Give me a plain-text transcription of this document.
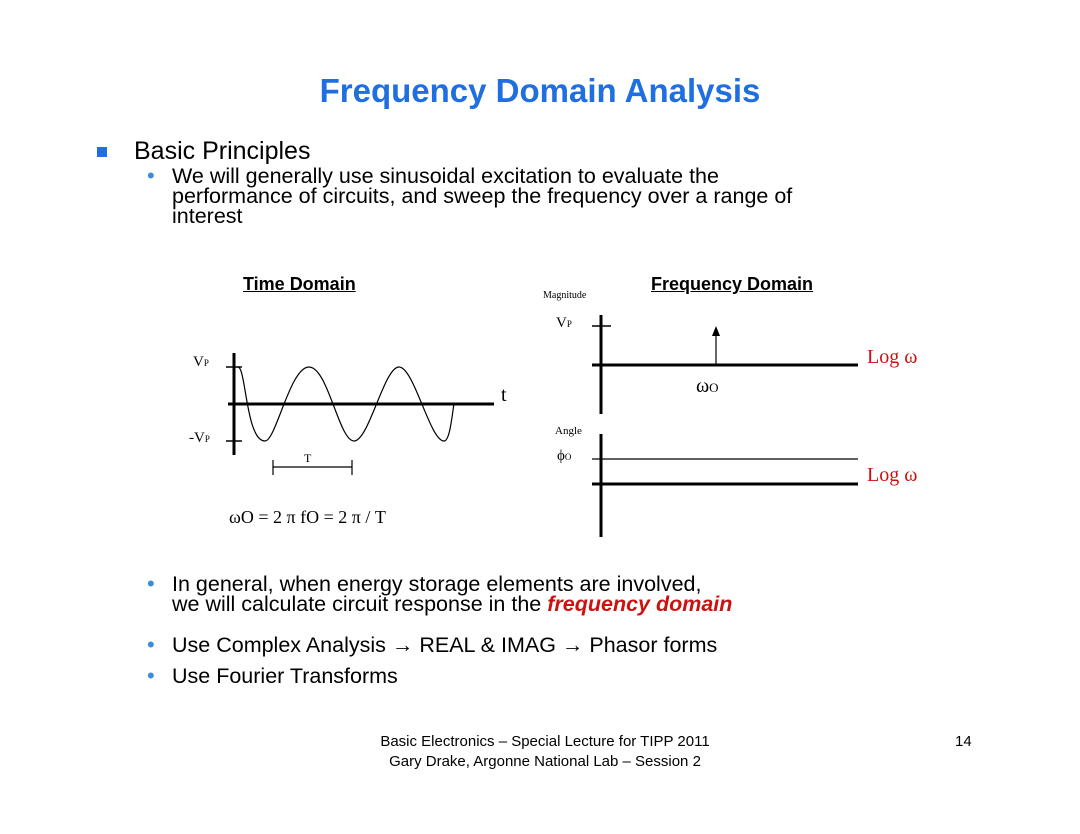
Frequency Domain Analysis
Basic Principles
• We will generally use sinusoidal excitation to evaluate the
performance of circuits, and sweep the frequency over a range of
interest
Time Domain
VP
-VP
t
T
ωO = 2 π fO = 2 π / T
Frequency Domain
Magnitude
VP
Log ω
ωO
Angle
ϕO
Log ω
• In general, when energy storage elements are involved,
we will calculate circuit response in the frequency domain
• Use Complex Analysis → REAL & IMAG → Phasor forms
• Use Fourier Transforms
Basic Electronics – Special Lecture for TIPP 2011
Gary Drake, Argonne National Lab – Session 2
14
